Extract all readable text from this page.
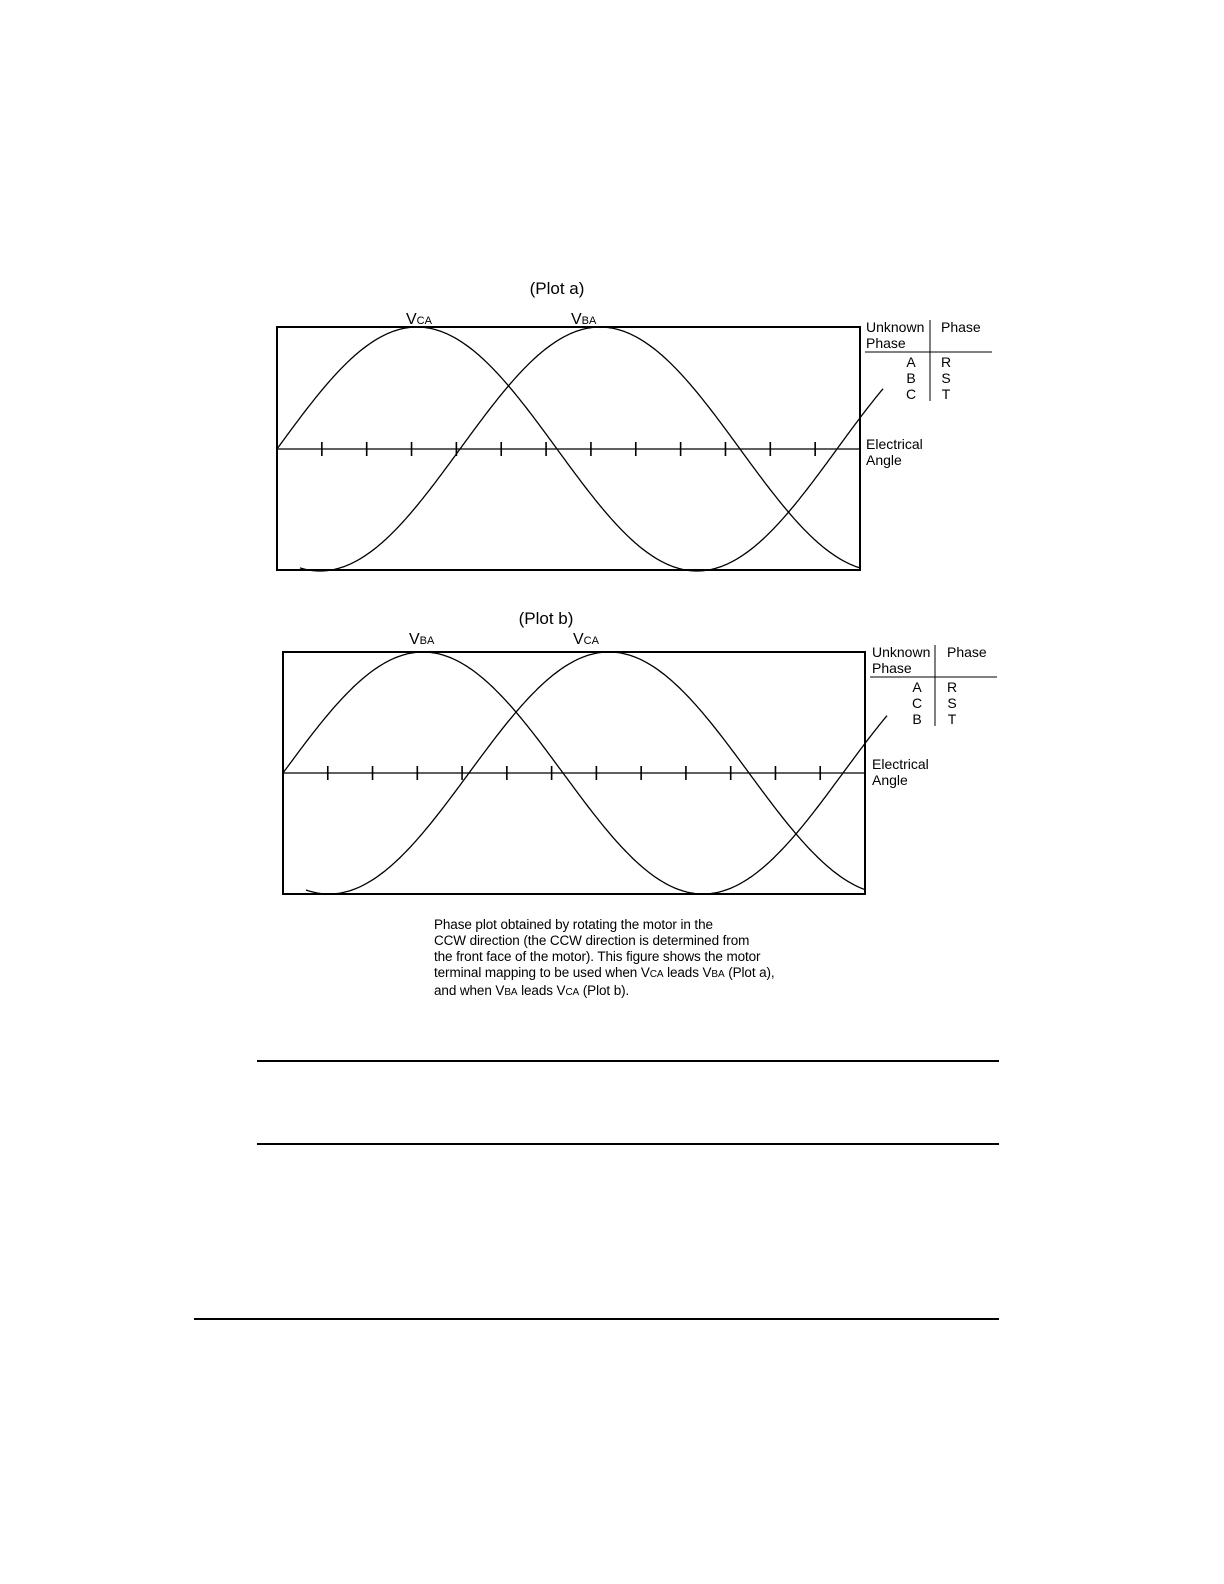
(Plot a)
VCA	VBA
Electrical Angle
Unknown Phase
Phase
A R
B S
C T
(Plot b)
VBA	VCA
Electrical Angle
Unknown Phase
Phase
A R
C S
B T
Phase plot obtained by rotating the motor in the
CCW direction (the CCW direction is determined from
the front face of the motor). This figure shows the motor
terminal mapping to be used when VCA leads VBA (Plot a),
and when VBA leads VCA (Plot b).
